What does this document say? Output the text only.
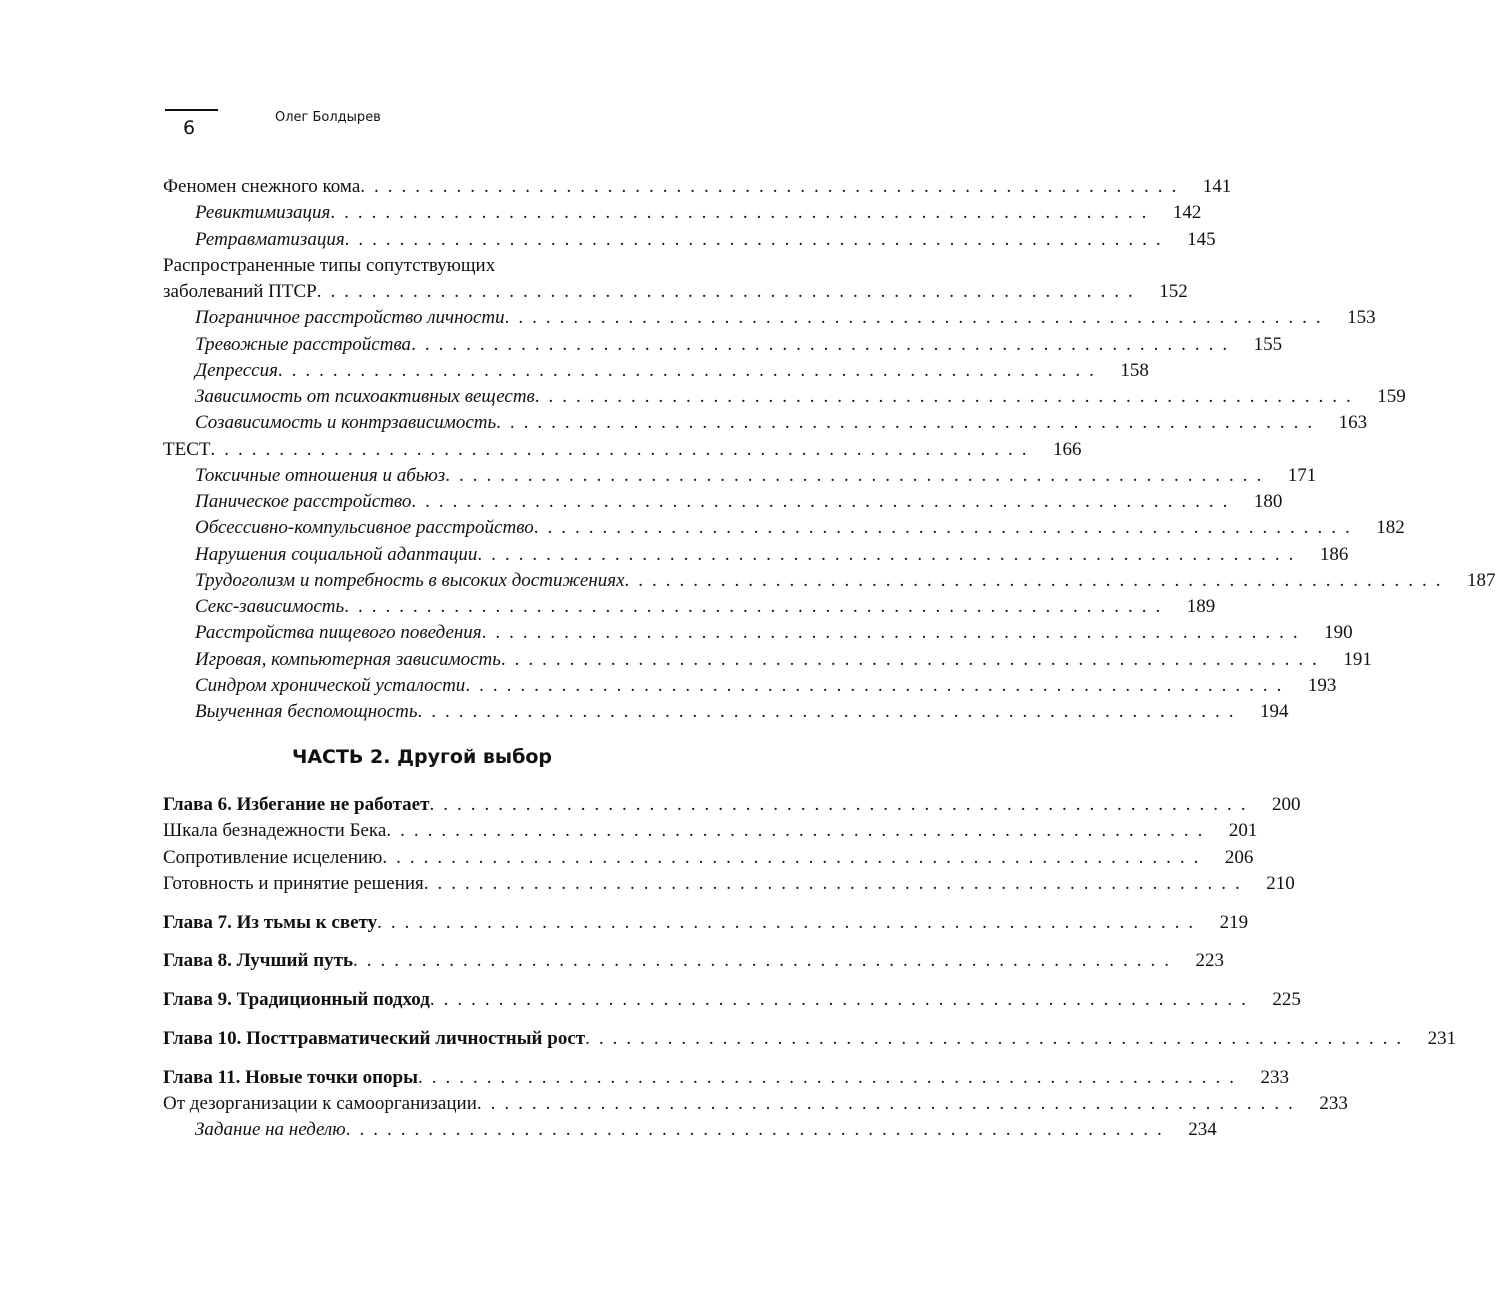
6	Олег Болдырев
Феномен снежного кома ............................................................ 141
Ревиктимизация ............................................................ 142
Ретравматизация ............................................................ 145
Распространенные типы сопутствующих
заболеваний ПТСР ............................................................ 152
Пограничное расстройство личности ............................................................ 153
Тревожные расстройства ............................................................ 155
Депрессия ............................................................ 158
Зависимость от психоактивных веществ ............................................................ 159
Созависимость и контрзависимость ............................................................ 163
ТЕСТ ............................................................ 166
Токсичные отношения и абьюз ............................................................ 171
Паническое расстройство ............................................................ 180
Обсессивно-компульсивное расстройство ............................................................ 182
Нарушения социальной адаптации ............................................................ 186
Трудоголизм и потребность в высоких достижениях ............................................................ 187
Секс-зависимость ............................................................ 189
Расстройства пищевого поведения ............................................................ 190
Игровая, компьютерная зависимость ............................................................ 191
Синдром хронической усталости ............................................................ 193
Выученная беспомощность ............................................................ 194
Глава 6. Избегание не работает ............................................................ 200
Шкала безнадежности Бека ............................................................ 201
Сопротивление исцелению ............................................................ 206
Готовность и принятие решения ............................................................ 210
Глава 7. Из тьмы к свету ............................................................ 219
Глава 8. Лучший путь ............................................................ 223
Глава 9. Традиционный подход ............................................................ 225
Глава 10. Посттравматический личностный рост ............................................................ 231
Глава 11. Новые точки опоры ............................................................ 233
От дезорганизации к самоорганизации ............................................................ 233
Задание на неделю ............................................................ 234
ЧАСТЬ 2. Другой выбор
